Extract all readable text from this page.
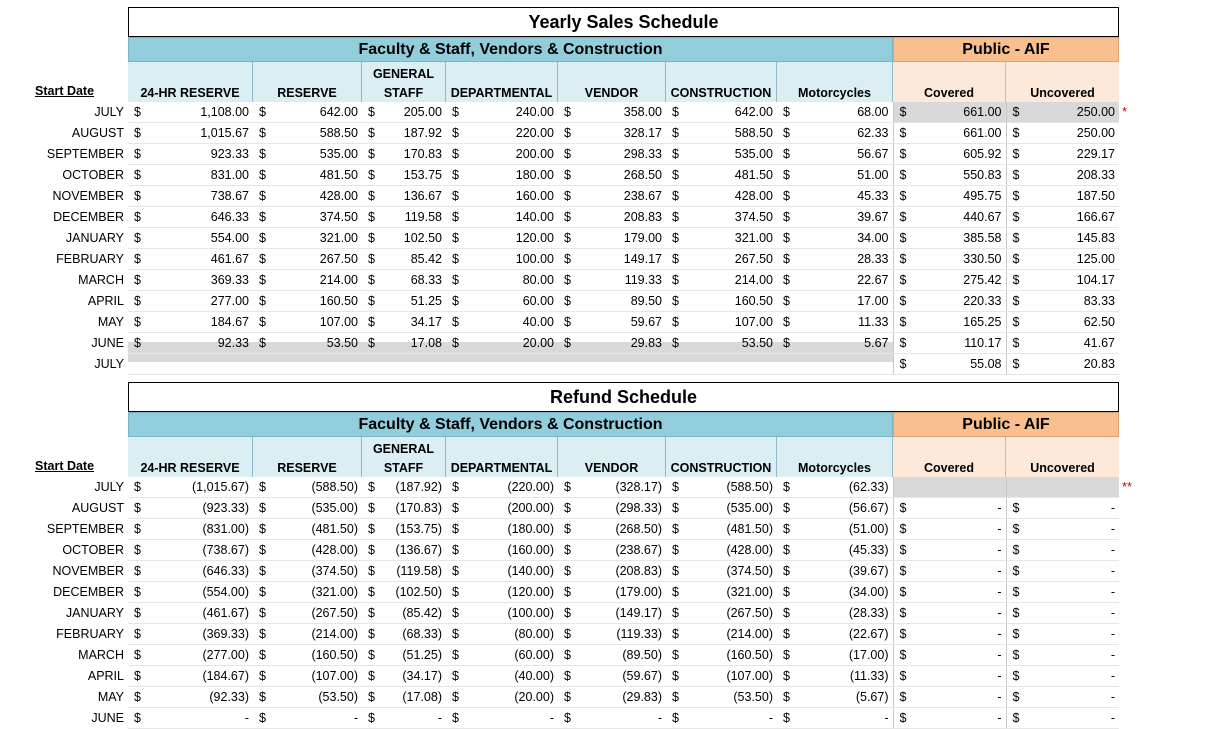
Yearly Sales Schedule
Faculty & Staff, Vendors & Construction	Public - AIF
Start Date	24-HR RESERVE	RESERVE
GENERAL
STAFF	DEPARTMENTAL	VENDOR	CONSTRUCTION	Motorcycles	Covered	Uncovered
JULY	$	1,108.00	$	642.00	$	205.00	$	240.00	$	358.00	$	642.00	$	68.00	$	661.00	$	250.00
AUGUST	$	1,015.67	$	588.50	$	187.92	$	220.00	$	328.17	$	588.50	$	62.33	$	661.00	$	250.00
SEPTEMBER	$	923.33	$	535.00	$	170.83	$	200.00	$	298.33	$	535.00	$	56.67	$	605.92	$	229.17
OCTOBER	$	831.00	$	481.50	$	153.75	$	180.00	$	268.50	$	481.50	$	51.00	$	550.83	$	208.33
NOVEMBER	$	738.67	$	428.00	$	136.67	$	160.00	$	238.67	$	428.00	$	45.33	$	495.75	$	187.50
DECEMBER	$	646.33	$	374.50	$	119.58	$	140.00	$	208.83	$	374.50	$	39.67	$	440.67	$	166.67
JANUARY	$	554.00	$	321.00	$	102.50	$	120.00	$	179.00	$	321.00	$	34.00	$	385.58	$	145.83
FEBRUARY	$	461.67	$	267.50	$	85.42	$	100.00	$	149.17	$	267.50	$	28.33	$	330.50	$	125.00
MARCH	$	369.33	$	214.00	$	68.33	$	80.00	$	119.33	$	214.00	$	22.67	$	275.42	$	104.17
APRIL	$	277.00	$	160.50	$	51.25	$	60.00	$	89.50	$	160.50	$	17.00	$	220.33	$	83.33
MAY	$	184.67	$	107.00	$	34.17	$	40.00	$	59.67	$	107.00	$	11.33	$	165.25	$	62.50
JUNE	$	92.33	$	53.50	$	17.08	$	20.00	$	29.83	$	53.50	$	5.67	$	110.17	$	41.67
JULY															$	55.08	$	20.83
*
Refund Schedule
Faculty & Staff, Vendors & Construction	Public - AIF
Start Date	24-HR RESERVE	RESERVE
GENERAL
STAFF	DEPARTMENTAL	VENDOR	CONSTRUCTION	Motorcycles	Covered	Uncovered
JULY	$	(1,015.67)	$	(588.50)	$	(187.92)	$	(220.00)	$	(328.17)	$	(588.50)	$	(62.33)				
AUGUST	$	(923.33)	$	(535.00)	$	(170.83)	$	(200.00)	$	(298.33)	$	(535.00)	$	(56.67)	$	-	$	-
SEPTEMBER	$	(831.00)	$	(481.50)	$	(153.75)	$	(180.00)	$	(268.50)	$	(481.50)	$	(51.00)	$	-	$	-
OCTOBER	$	(738.67)	$	(428.00)	$	(136.67)	$	(160.00)	$	(238.67)	$	(428.00)	$	(45.33)	$	-	$	-
NOVEMBER	$	(646.33)	$	(374.50)	$	(119.58)	$	(140.00)	$	(208.83)	$	(374.50)	$	(39.67)	$	-	$	-
DECEMBER	$	(554.00)	$	(321.00)	$	(102.50)	$	(120.00)	$	(179.00)	$	(321.00)	$	(34.00)	$	-	$	-
JANUARY	$	(461.67)	$	(267.50)	$	(85.42)	$	(100.00)	$	(149.17)	$	(267.50)	$	(28.33)	$	-	$	-
FEBRUARY	$	(369.33)	$	(214.00)	$	(68.33)	$	(80.00)	$	(119.33)	$	(214.00)	$	(22.67)	$	-	$	-
MARCH	$	(277.00)	$	(160.50)	$	(51.25)	$	(60.00)	$	(89.50)	$	(160.50)	$	(17.00)	$	-	$	-
APRIL	$	(184.67)	$	(107.00)	$	(34.17)	$	(40.00)	$	(59.67)	$	(107.00)	$	(11.33)	$	-	$	-
MAY	$	(92.33)	$	(53.50)	$	(17.08)	$	(20.00)	$	(29.83)	$	(53.50)	$	(5.67)	$	-	$	-
JUNE	$	-	$	-	$	-	$	-	$	-	$	-	$	-	$	-	$	-
**
